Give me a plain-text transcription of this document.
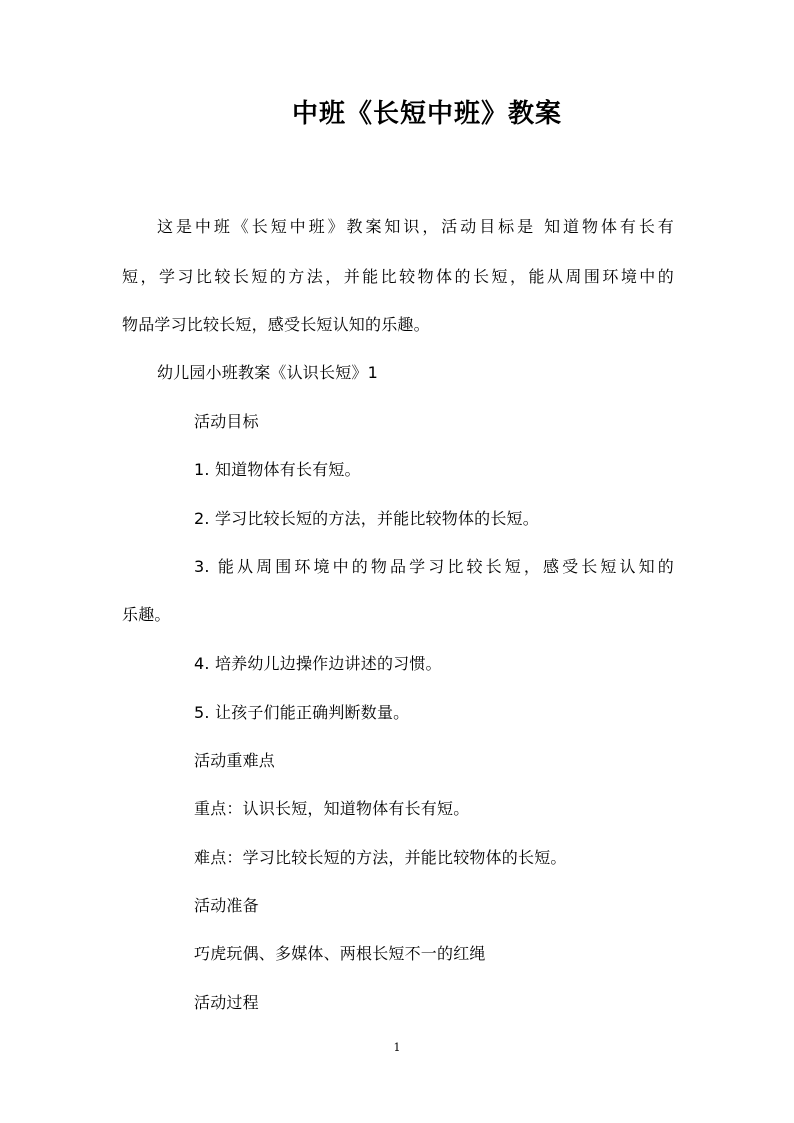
中班《长短中班》教案
这是中班《长短中班》教案知识，活动目标是 知道物体有长有
短，学习比较长短的方法，并能比较物体的长短，能从周围环境中的
物品学习比较长短，感受长短认知的乐趣。
幼儿园小班教案《认识长短》1
活动目标
1. 知道物体有长有短。
2. 学习比较长短的方法，并能比较物体的长短。
3. 能从周围环境中的物品学习比较长短，感受长短认知的
乐趣。
4. 培养幼儿边操作边讲述的习惯。
5. 让孩子们能正确判断数量。
活动重难点
重点：认识长短，知道物体有长有短。
难点：学习比较长短的方法，并能比较物体的长短。
活动准备
巧虎玩偶、多媒体、两根长短不一的红绳
活动过程
1
